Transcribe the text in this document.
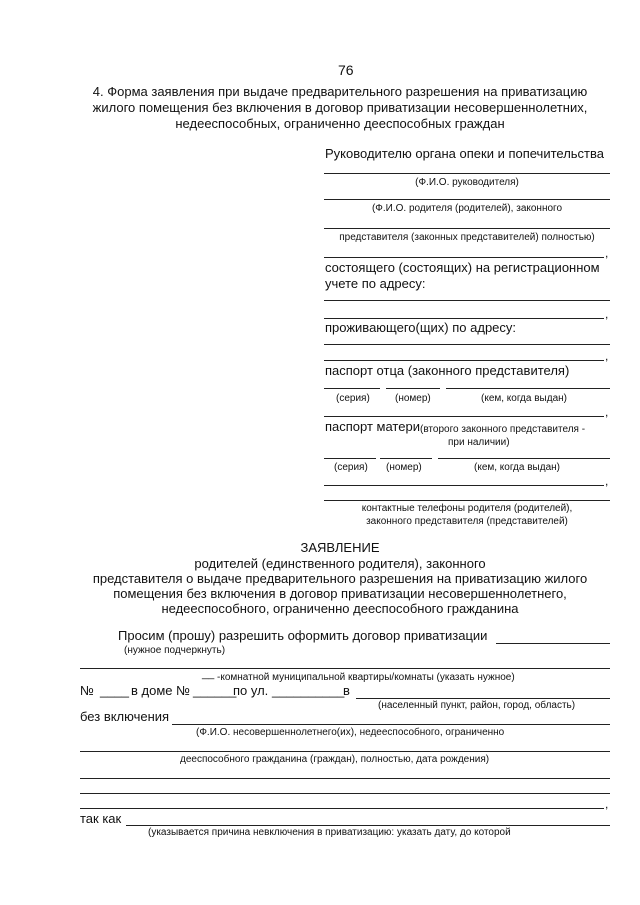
76
4. Форма заявления при выдаче предварительного разрешения на приватизацию
жилого помещения без включения в договор приватизации несовершеннолетних,
недееспособных, ограниченно дееспособных граждан
Руководителю органа опеки и попечительства
(Ф.И.О. руководителя)
(Ф.И.О. родителя (родителей), законного
представителя (законных представителей) полностью)
,
состоящего (состоящих) на регистрационном
учете по адресу:
,
проживающего(щих) по адресу:
,
паспорт отца (законного представителя)
(серия)	(номер)	(кем, когда выдан)
,
паспорт матери (второго законного представителя -
при наличии)
(серия) (номер)	(кем, когда выдан)
,
контактные телефоны родителя (родителей),
законного представителя (представителей)
ЗАЯВЛЕНИЕ
родителей (единственного родителя), законного
представителя о выдаче предварительного разрешения на приватизацию жилого
помещения без включения в договор приватизации несовершеннолетнего,
недееспособного, ограниченно дееспособного гражданина
Просим (прошу) разрешить оформить договор приватизации
(нужное подчеркнуть)
__ -комнатной муниципальной квартиры/комнаты (указать нужное)
№ ____ в доме № ______
по ул. __________
в
(населенный пункт, район, город, область)
без включения
(Ф.И.О. несовершеннолетнего(их), недееспособного, ограниченно
дееспособного гражданина (граждан), полностью, дата рождения)
,
так как
(указывается причина невключения в приватизацию: указать дату, до которой
